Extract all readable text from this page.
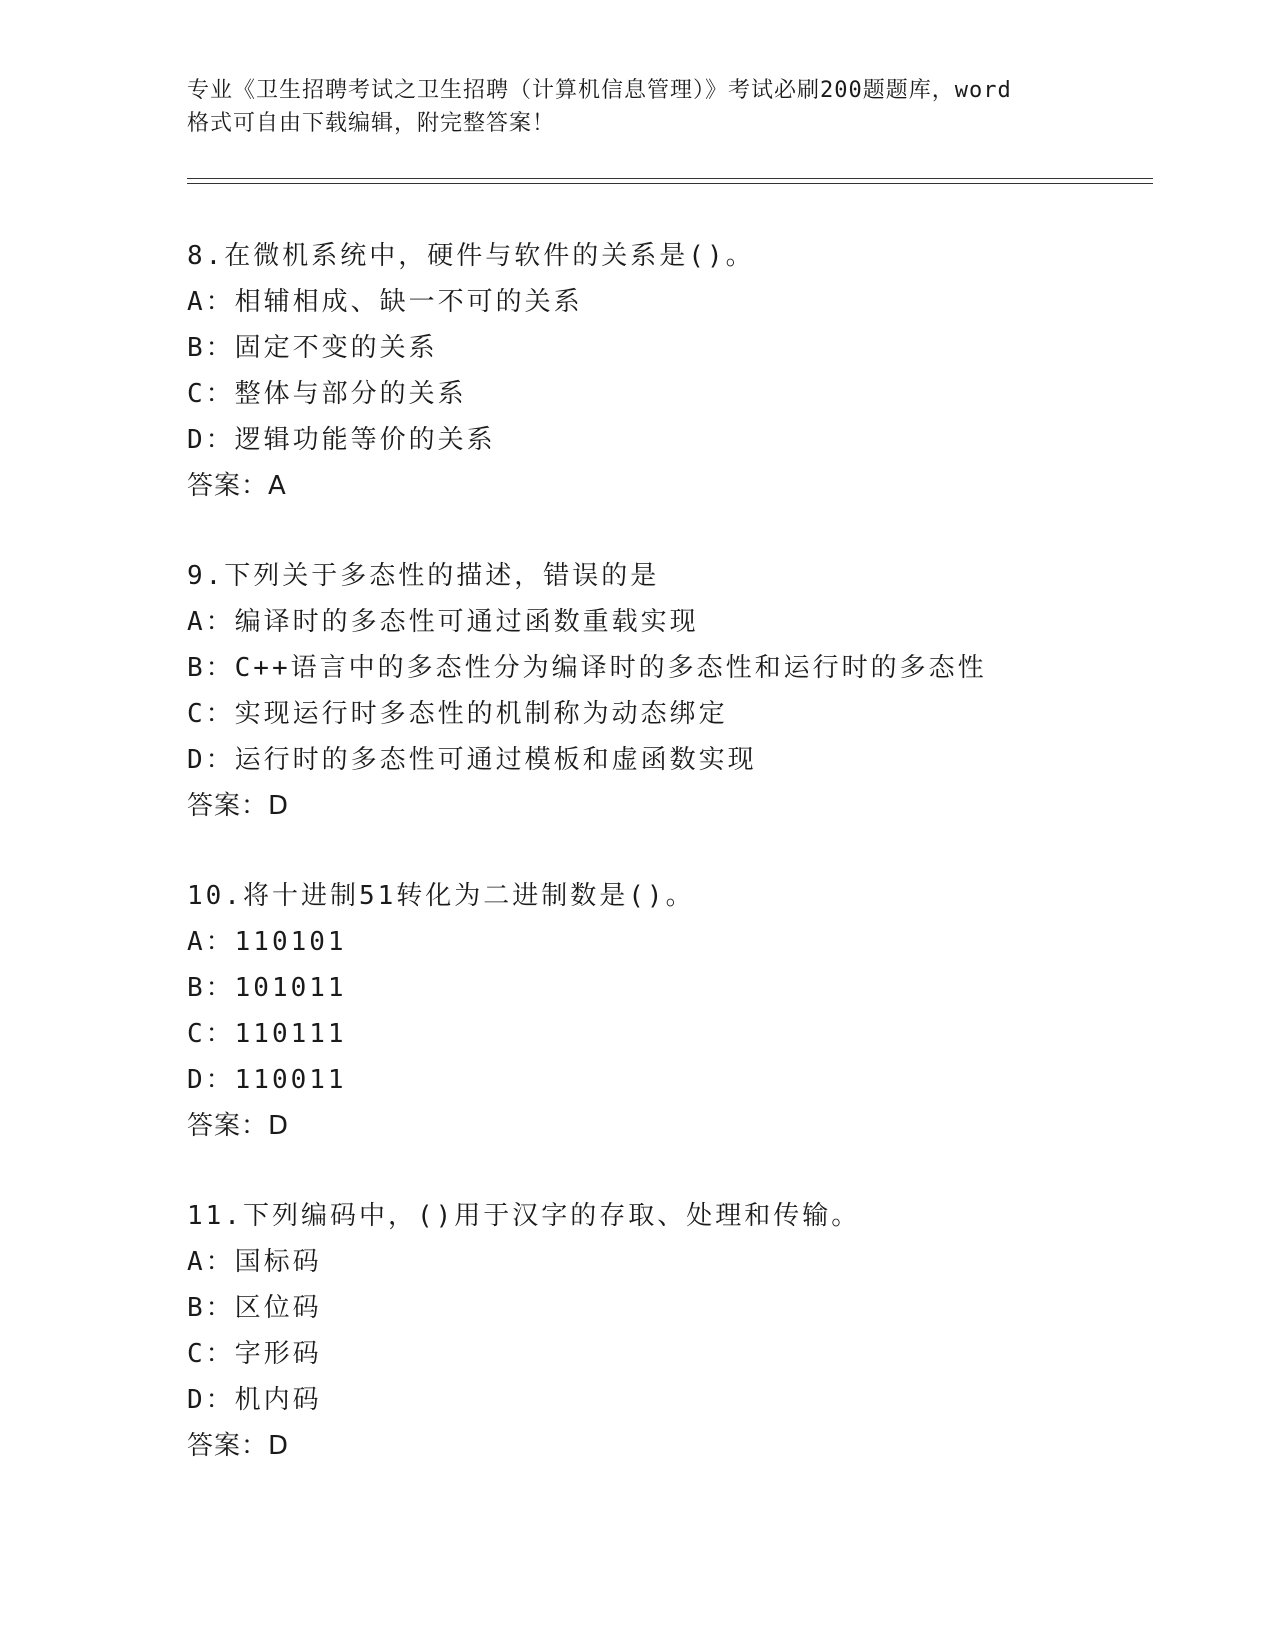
专业《卫生招聘考试之卫生招聘（计算机信息管理）》考试必刷200题题库，word
格式可自由下载编辑，附完整答案！
8.在微机系统中，硬件与软件的关系是()。
A：相辅相成、缺一不可的关系
B：固定不变的关系
C：整体与部分的关系
D：逻辑功能等价的关系
答案：A
9.下列关于多态性的描述，错误的是
A：编译时的多态性可通过函数重载实现
B：C++语言中的多态性分为编译时的多态性和运行时的多态性
C：实现运行时多态性的机制称为动态绑定
D：运行时的多态性可通过模板和虚函数实现
答案：D
10.将十进制51转化为二进制数是()。
A：110101
B：101011
C：110111
D：110011
答案：D
11.下列编码中，()用于汉字的存取、处理和传输。
A：国标码
B：区位码
C：字形码
D：机内码
答案：D
